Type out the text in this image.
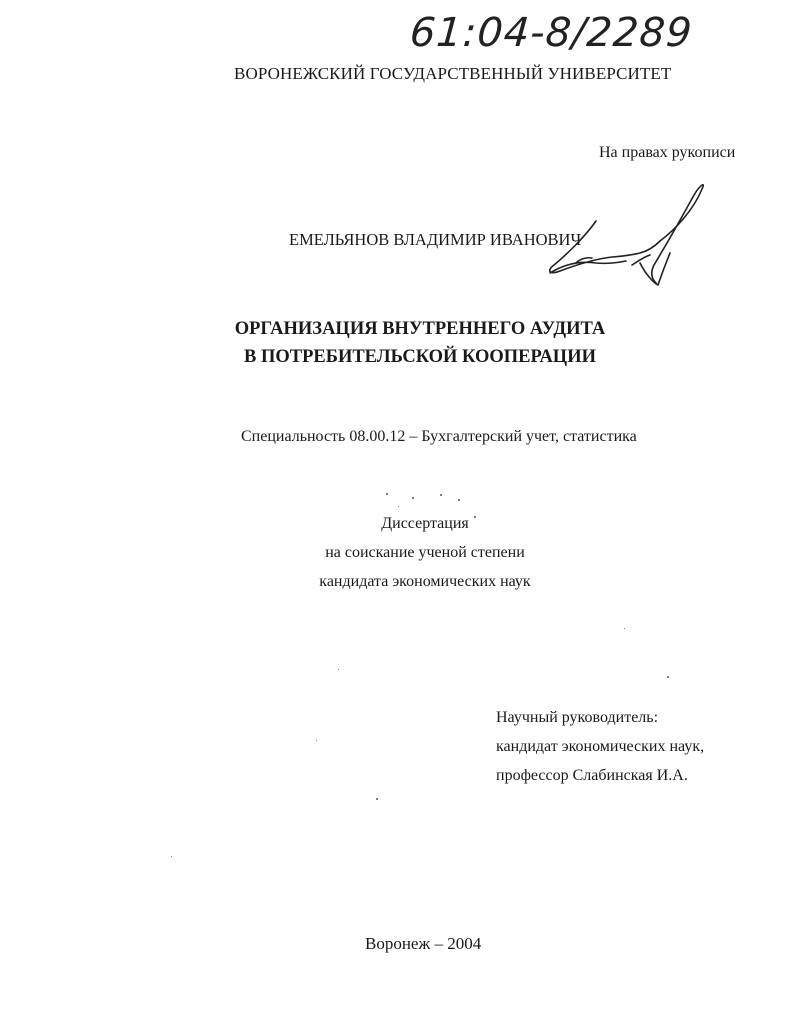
61:04-8/2289
ВОРОНЕЖСКИЙ ГОСУДАРСТВЕННЫЙ УНИВЕРСИТЕТ
На правах рукописи
ЕМЕЛЬЯНОВ ВЛАДИМИР ИВАНОВИЧ
ОРГАНИЗАЦИЯ ВНУТРЕННЕГО АУДИТА
В ПОТРЕБИТЕЛЬСКОЙ КООПЕРАЦИИ
Специальность 08.00.12 – Бухгалтерский учет, статистика
Диссертация
на соискание ученой степени
кандидата экономических наук
Научный руководитель:
кандидат экономических наук,
профессор Слабинская И.А.
Воронеж – 2004
